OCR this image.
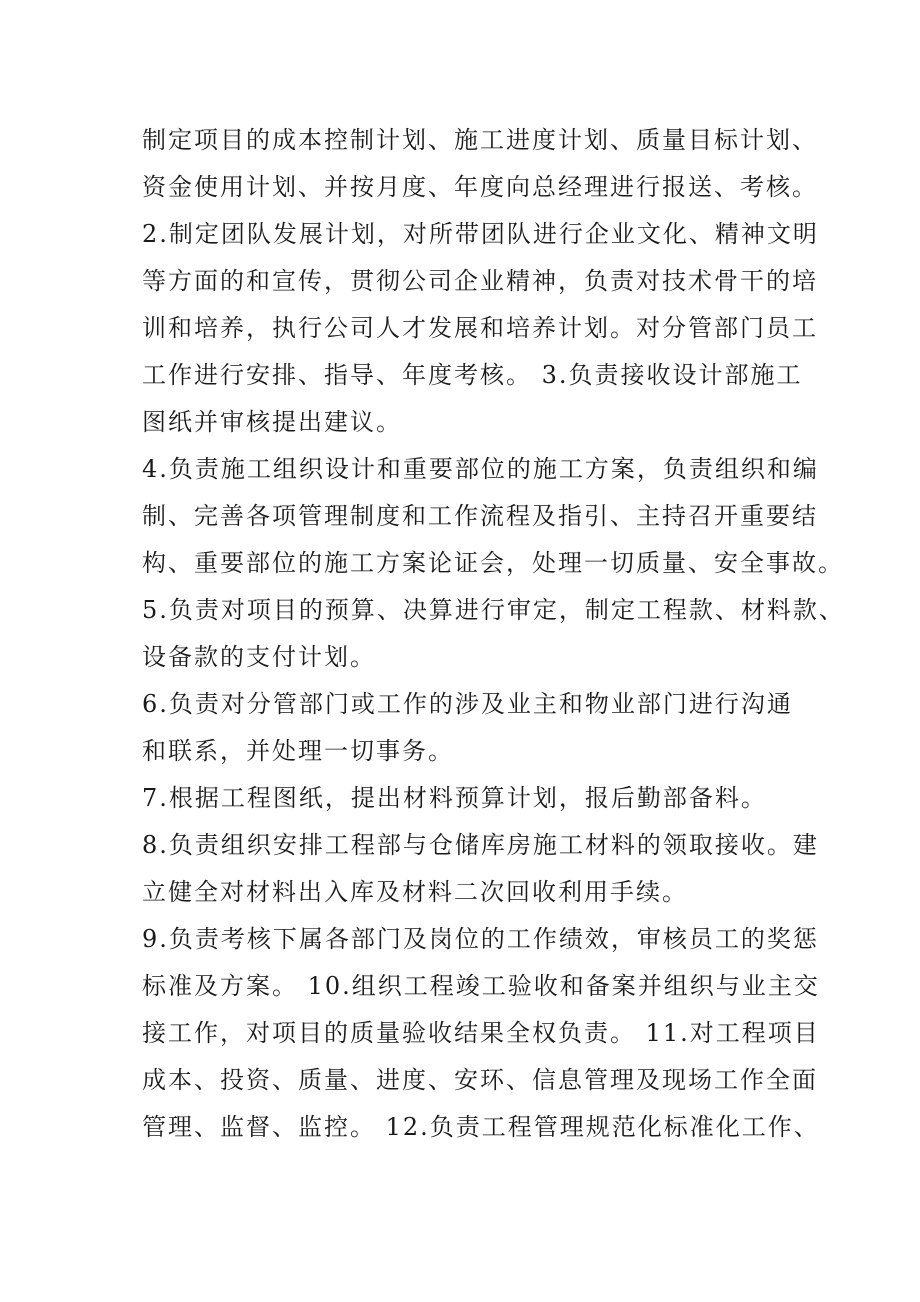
制定项目的成本控制计划、施工进度计划、质量目标计划、
资金使用计划、并按月度、年度向总经理进行报送、考核。
2.制定团队发展计划，对所带团队进行企业文化、精神文明
等方面的和宣传，贯彻公司企业精神，负责对技术骨干的培
训和培养，执行公司人才发展和培养计划。对分管部门员工
工作进行安排、指导、年度考核。 3.负责接收设计部施工
图纸并审核提出建议。
4.负责施工组织设计和重要部位的施工方案，负责组织和编
制、完善各项管理制度和工作流程及指引、主持召开重要结
构、重要部位的施工方案论证会，处理一切质量、安全事故。
5.负责对项目的预算、决算进行审定，制定工程款、材料款、
设备款的支付计划。
6.负责对分管部门或工作的涉及业主和物业部门进行沟通
和联系，并处理一切事务。
7.根据工程图纸，提出材料预算计划，报后勤部备料。
8.负责组织安排工程部与仓储库房施工材料的领取接收。建
立健全对材料出入库及材料二次回收利用手续。
9.负责考核下属各部门及岗位的工作绩效，审核员工的奖惩
标准及方案。 10.组织工程竣工验收和备案并组织与业主交
接工作，对项目的质量验收结果全权负责。 11.对工程项目
成本、投资、质量、进度、安环、信息管理及现场工作全面
管理、监督、监控。 12.负责工程管理规范化标准化工作、
